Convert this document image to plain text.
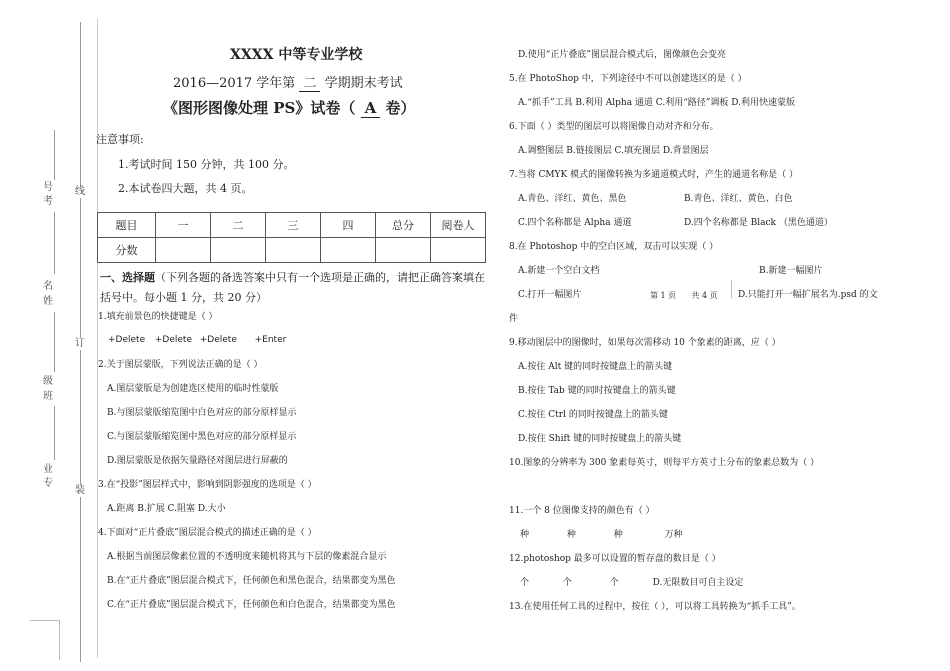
号
考
名
姓
级
班
业
专
线
订
装
XXXX 中等专业学校
2016—2017 学年第 二 学期期末考试
《图形图像处理 PS》试卷（ A 卷）
注意事项:
1.考试时间 150 分钟，共 100 分。
2.本试卷四大题，共 4 页。
题目	一	二	三	四	总分	阅卷人
分数						
一、选择题（下列各题的备选答案中只有一个选项是正确的，请把正确答案填在
括号中。每小题 1 分，共 20 分）
1.填充前景色的快捷键是（ ）
+Delete +Delete +Delete +Enter
2.关于图层蒙版，下列说法正确的是（ ）
A.图层蒙版是为创建选区使用的临时性蒙版
B.与图层蒙版缩览图中白色对应的部分原样显示
C.与图层蒙版缩览图中黑色对应的部分原样显示
D.图层蒙版是依据矢量路径对图层进行屏蔽的
3.在“投影”图层样式中，影响到阴影强度的选项是（ ）
A.距离 B.扩展 C.阻塞 D.大小
4.下面对“正片叠底”图层混合模式的描述正确的是（ ）
A.根据当前图层像素位置的不透明度来随机将其与下层的像素混合显示
B.在“正片叠底”图层混合模式下，任何颜色和黑色混合，结果都变为黑色
C.在“正片叠底”图层混合模式下，任何颜色和白色混合，结果都变为黑色
D.使用“正片叠底”图层混合模式后，图像颜色会变亮
5.在 PhotoShop 中，下列途径中不可以创建选区的是（ ）
A.“抓手”工具 B.利用 Alpha 通道 C.利用“路径”调板 D.利用快速蒙版
6.下面（ ）类型的图层可以将图像自动对齐和分布。
A.调整图层 B.链接图层 C.填充图层 D.背景图层
7.当将 CMYK 模式的图像转换为多通道模式时，产生的通道名称是（ ）
A.青色、洋红、黄色、黑色	B.青色、洋红、黄色、白色
C.四个名称都是 Alpha 通道	D.四个名称都是 Black （黑色通道）
8.在 Photoshop 中的空白区域，双击可以实现（ ）
A.新建一个空白文档	B.新建一幅图片
C.打开一幅图片	第 1 页      共 4 页 D.只能打开一幅扩展名为.psd 的文
件
9.移动图层中的图像时，如果每次需移动 10 个象素的距离，应（ ）
A.按住 Alt 键的同时按键盘上的箭头键
B.按住 Tab 键的同时按键盘上的箭头键
C.按住 Ctrl 的同时按键盘上的箭头键
D.按住 Shift 键的同时按键盘上的箭头键
10.图象的分辨率为 300 象素每英寸，则每平方英寸上分布的象素总数为（ ）
11.一个 8 位图像支持的颜色有（ ）
种	种	种	万种
12.photoshop 最多可以设置的暂存盘的数目是（ ）
个	个	个	D.无限数目可自主设定
13.在使用任何工具的过程中，按住（ ），可以将工具转换为“抓手工具”。
